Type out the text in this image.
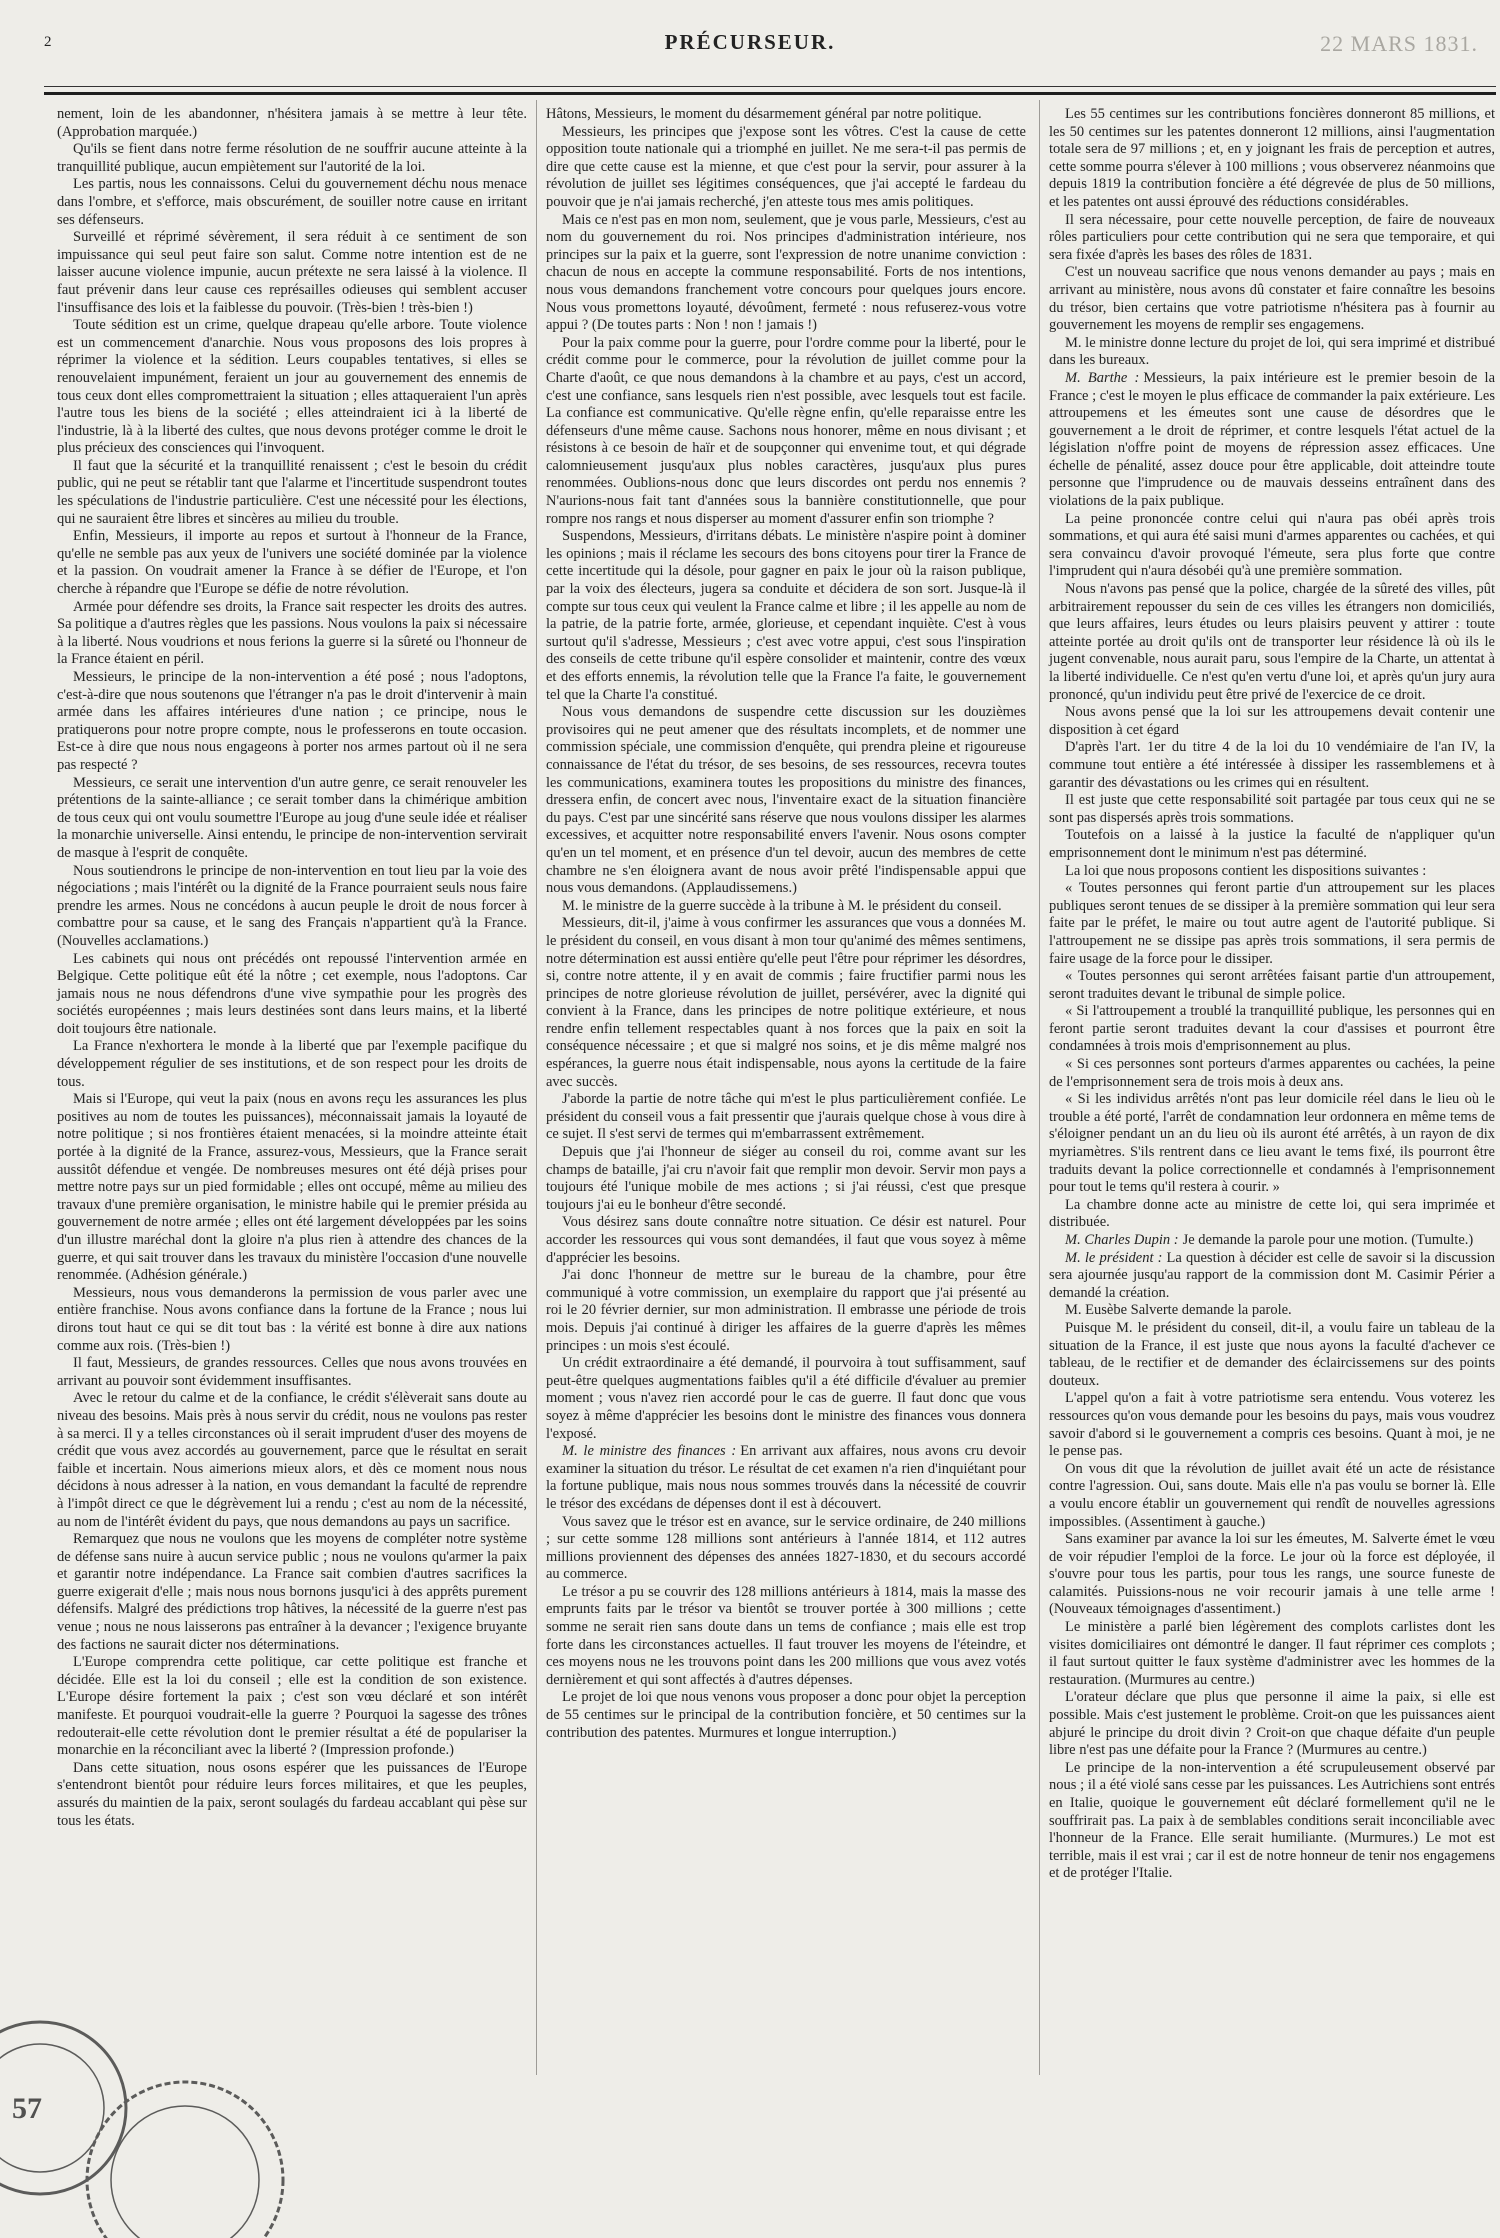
2	PRÉCURSEUR.	22 MARS 1831.

nement, loin de les abandonner, n'hésitera jamais à se mettre à leur tête. (Approbation marquée.)

Qu'ils se fient dans notre ferme résolution de ne souffrir aucune atteinte à la tranquillité publique, aucun empiètement sur l'autorité de la loi.

Les partis, nous les connaissons. Celui du gouvernement déchu nous menace dans l'ombre, et s'efforce, mais obscurément, de souiller notre cause en irritant ses défenseurs.

Surveillé et réprimé sévèrement, il sera réduit à ce sentiment de son impuissance qui seul peut faire son salut. Comme notre intention est de ne laisser aucune violence impunie, aucun prétexte ne sera laissé à la violence. Il faut prévenir dans leur cause ces représailles odieuses qui semblent accuser l'insuffisance des lois et la faiblesse du pouvoir. (Très-bien ! très-bien !)

Toute sédition est un crime, quelque drapeau qu'elle arbore. Toute violence est un commencement d'anarchie. Nous vous proposons des lois propres à réprimer la violence et la sédition. Leurs coupables tentatives, si elles se renouvelaient impunément, feraient un jour au gouvernement des ennemis de tous ceux dont elles compromettraient la situation ; elles attaqueraient l'un après l'autre tous les biens de la société ; elles atteindraient ici à la liberté de l'industrie, là à la liberté des cultes, que nous devons protéger comme le droit le plus précieux des consciences qui l'invoquent.

Il faut que la sécurité et la tranquillité renaissent ; c'est le besoin du crédit public, qui ne peut se rétablir tant que l'alarme et l'incertitude suspendront toutes les spéculations de l'industrie particulière. C'est une nécessité pour les élections, qui ne sauraient être libres et sincères au milieu du trouble.

Enfin, Messieurs, il importe au repos et surtout à l'honneur de la France, qu'elle ne semble pas aux yeux de l'univers une société dominée par la violence et la passion. On voudrait amener la France à se défier de l'Europe, et l'on cherche à répandre que l'Europe se défie de notre révolution.

Armée pour défendre ses droits, la France sait respecter les droits des autres. Sa politique a d'autres règles que les passions. Nous voulons la paix si nécessaire à la liberté. Nous voudrions et nous ferions la guerre si la sûreté ou l'honneur de la France étaient en péril.

Messieurs, le principe de la non-intervention a été posé ; nous l'adoptons, c'est-à-dire que nous soutenons que l'étranger n'a pas le droit d'intervenir à main armée dans les affaires intérieures d'une nation ; ce principe, nous le pratiquerons pour notre propre compte, nous le professerons en toute occasion. Est-ce à dire que nous nous engageons à porter nos armes partout où il ne sera pas respecté ?

Messieurs, ce serait une intervention d'un autre genre, ce serait renouveler les prétentions de la sainte-alliance ; ce serait tomber dans la chimérique ambition de tous ceux qui ont voulu soumettre l'Europe au joug d'une seule idée et réaliser la monarchie universelle. Ainsi entendu, le principe de non-intervention servirait de masque à l'esprit de conquête.

Nous soutiendrons le principe de non-intervention en tout lieu par la voie des négociations ; mais l'intérêt ou la dignité de la France pourraient seuls nous faire prendre les armes. Nous ne concédons à aucun peuple le droit de nous forcer à combattre pour sa cause, et le sang des Français n'appartient qu'à la France. (Nouvelles acclamations.)

Les cabinets qui nous ont précédés ont repoussé l'intervention armée en Belgique. Cette politique eût été la nôtre ; cet exemple, nous l'adoptons. Car jamais nous ne nous défendrons d'une vive sympathie pour les progrès des sociétés européennes ; mais leurs destinées sont dans leurs mains, et la liberté doit toujours être nationale.

La France n'exhortera le monde à la liberté que par l'exemple pacifique du développement régulier de ses institutions, et de son respect pour les droits de tous.

Mais si l'Europe, qui veut la paix (nous en avons reçu les assurances les plus positives au nom de toutes les puissances), méconnaissait jamais la loyauté de notre politique ; si nos frontières étaient menacées, si la moindre atteinte était portée à la dignité de la France, assurez-vous, Messieurs, que la France serait aussitôt défendue et vengée. De nombreuses mesures ont été déjà prises pour mettre notre pays sur un pied formidable ; elles ont occupé, même au milieu des travaux d'une première organisation, le ministre habile qui le premier présida au gouvernement de notre armée ; elles ont été largement développées par les soins d'un illustre maréchal dont la gloire n'a plus rien à attendre des chances de la guerre, et qui sait trouver dans les travaux du ministère l'occasion d'une nouvelle renommée. (Adhésion générale.)

Messieurs, nous vous demanderons la permission de vous parler avec une entière franchise. Nous avons confiance dans la fortune de la France ; nous lui dirons tout haut ce qui se dit tout bas : la vérité est bonne à dire aux nations comme aux rois. (Très-bien !)

Il faut, Messieurs, de grandes ressources. Celles que nous avons trouvées en arrivant au pouvoir sont évidemment insuffisantes.

Avec le retour du calme et de la confiance, le crédit s'élèverait sans doute au niveau des besoins. Mais près à nous servir du crédit, nous ne voulons pas rester à sa merci. Il y a telles circonstances où il serait imprudent d'user des moyens de crédit que vous avez accordés au gouvernement, parce que le résultat en serait faible et incertain. Nous aimerions mieux alors, et dès ce moment nous nous décidons à nous adresser à la nation, en vous demandant la faculté de reprendre à l'impôt direct ce que le dégrèvement lui a rendu ; c'est au nom de la nécessité, au nom de l'intérêt évident du pays, que nous demandons au pays un sacrifice.

Remarquez que nous ne voulons que les moyens de compléter notre système de défense sans nuire à aucun service public ; nous ne voulons qu'armer la paix et garantir notre indépendance. La France sait combien d'autres sacrifices la guerre exigerait d'elle ; mais nous nous bornons jusqu'ici à des apprêts purement défensifs. Malgré des prédictions trop hâtives, la nécessité de la guerre n'est pas venue ; nous ne nous laisserons pas entraîner à la devancer ; l'exigence bruyante des factions ne saurait dicter nos déterminations.

L'Europe comprendra cette politique, car cette politique est franche et décidée. Elle est la loi du conseil ; elle est la condition de son existence. L'Europe désire fortement la paix ; c'est son vœu déclaré et son intérêt manifeste. Et pourquoi voudrait-elle la guerre ? Pourquoi la sagesse des trônes redouterait-elle cette révolution dont le premier résultat a été de populariser la monarchie en la réconciliant avec la liberté ? (Impression profonde.)

Dans cette situation, nous osons espérer que les puissances de l'Europe s'entendront bientôt pour réduire leurs forces militaires, et que les peuples, assurés du maintien de la paix, seront soulagés du fardeau accablant qui pèse sur tous les états.

Hâtons, Messieurs, le moment du désarmement général par notre politique.

Messieurs, les principes que j'expose sont les vôtres. C'est la cause de cette opposition toute nationale qui a triomphé en juillet. Ne me sera-t-il pas permis de dire que cette cause est la mienne, et que c'est pour la servir, pour assurer à la révolution de juillet ses légitimes conséquences, que j'ai accepté le fardeau du pouvoir que je n'ai jamais recherché, j'en atteste tous mes amis politiques.

Mais ce n'est pas en mon nom, seulement, que je vous parle, Messieurs, c'est au nom du gouvernement du roi. Nos principes d'administration intérieure, nos principes sur la paix et la guerre, sont l'expression de notre unanime conviction : chacun de nous en accepte la commune responsabilité. Forts de nos intentions, nous vous demandons franchement votre concours pour quelques jours encore. Nous vous promettons loyauté, dévoûment, fermeté : nous refuserez-vous votre appui ? (De toutes parts : Non ! non ! jamais !)

Pour la paix comme pour la guerre, pour l'ordre comme pour la liberté, pour le crédit comme pour le commerce, pour la révolution de juillet comme pour la Charte d'août, ce que nous demandons à la chambre et au pays, c'est un accord, c'est une confiance, sans lesquels rien n'est possible, avec lesquels tout est facile. La confiance est communicative. Qu'elle règne enfin, qu'elle reparaisse entre les défenseurs d'une même cause. Sachons nous honorer, même en nous divisant ; et résistons à ce besoin de haïr et de soupçonner qui envenime tout, et qui dégrade calomnieusement jusqu'aux plus nobles caractères, jusqu'aux plus pures renommées. Oublions-nous donc que leurs discordes ont perdu nos ennemis ? N'aurions-nous fait tant d'années sous la bannière constitutionnelle, que pour rompre nos rangs et nous disperser au moment d'assurer enfin son triomphe ?

Suspendons, Messieurs, d'irritans débats. Le ministère n'aspire point à dominer les opinions ; mais il réclame les secours des bons citoyens pour tirer la France de cette incertitude qui la désole, pour gagner en paix le jour où la raison publique, par la voix des électeurs, jugera sa conduite et décidera de son sort. Jusque-là il compte sur tous ceux qui veulent la France calme et libre ; il les appelle au nom de la patrie, de la patrie forte, armée, glorieuse, et cependant inquiète. C'est à vous surtout qu'il s'adresse, Messieurs ; c'est avec votre appui, c'est sous l'inspiration des conseils de cette tribune qu'il espère consolider et maintenir, contre des vœux et des efforts ennemis, la révolution telle que la France l'a faite, le gouvernement tel que la Charte l'a constitué.

Nous vous demandons de suspendre cette discussion sur les douzièmes provisoires qui ne peut amener que des résultats incomplets, et de nommer une commission spéciale, une commission d'enquête, qui prendra pleine et rigoureuse connaissance de l'état du trésor, de ses besoins, de ses ressources, recevra toutes les communications, examinera toutes les propositions du ministre des finances, dressera enfin, de concert avec nous, l'inventaire exact de la situation financière du pays. C'est par une sincérité sans réserve que nous voulons dissiper les alarmes excessives, et acquitter notre responsabilité envers l'avenir. Nous osons compter qu'en un tel moment, et en présence d'un tel devoir, aucun des membres de cette chambre ne s'en éloignera avant de nous avoir prêté l'indispensable appui que nous vous demandons. (Applaudissemens.)

M. le ministre de la guerre succède à la tribune à M. le président du conseil.

Messieurs, dit-il, j'aime à vous confirmer les assurances que vous a données M. le président du conseil, en vous disant à mon tour qu'animé des mêmes sentimens, notre détermination est aussi entière qu'elle peut l'être pour réprimer les désordres, si, contre notre attente, il y en avait de commis ; faire fructifier parmi nous les principes de notre glorieuse révolution de juillet, persévérer, avec la dignité qui convient à la France, dans les principes de notre politique extérieure, et nous rendre enfin tellement respectables quant à nos forces que la paix en soit la conséquence nécessaire ; et que si malgré nos soins, et je dis même malgré nos espérances, la guerre nous était indispensable, nous ayons la certitude de la faire avec succès.

J'aborde la partie de notre tâche qui m'est le plus particulièrement confiée. Le président du conseil vous a fait pressentir que j'aurais quelque chose à vous dire à ce sujet. Il s'est servi de termes qui m'embarrassent extrêmement.

Depuis que j'ai l'honneur de siéger au conseil du roi, comme avant sur les champs de bataille, j'ai cru n'avoir fait que remplir mon devoir. Servir mon pays a toujours été l'unique mobile de mes actions ; si j'ai réussi, c'est que presque toujours j'ai eu le bonheur d'être secondé.

Vous désirez sans doute connaître notre situation. Ce désir est naturel. Pour accorder les ressources qui vous sont demandées, il faut que vous soyez à même d'apprécier les besoins.

J'ai donc l'honneur de mettre sur le bureau de la chambre, pour être communiqué à votre commission, un exemplaire du rapport que j'ai présenté au roi le 20 février dernier, sur mon administration. Il embrasse une période de trois mois. Depuis j'ai continué à diriger les affaires de la guerre d'après les mêmes principes : un mois s'est écoulé.

Un crédit extraordinaire a été demandé, il pourvoira à tout suffisamment, sauf peut-être quelques augmentations faibles qu'il a été difficile d'évaluer au premier moment ; vous n'avez rien accordé pour le cas de guerre. Il faut donc que vous soyez à même d'apprécier les besoins dont le ministre des finances vous donnera l'exposé.

M. le ministre des finances : En arrivant aux affaires, nous avons cru devoir examiner la situation du trésor. Le résultat de cet examen n'a rien d'inquiétant pour la fortune publique, mais nous nous sommes trouvés dans la nécessité de couvrir le trésor des excédans de dépenses dont il est à découvert.

Vous savez que le trésor est en avance, sur le service ordinaire, de 240 millions ; sur cette somme 128 millions sont antérieurs à l'année 1814, et 112 autres millions proviennent des dépenses des années 1827-1830, et du secours accordé au commerce.

Le trésor a pu se couvrir des 128 millions antérieurs à 1814, mais la masse des emprunts faits par le trésor va bientôt se trouver portée à 300 millions ; cette somme ne serait rien sans doute dans un tems de confiance ; mais elle est trop forte dans les circonstances actuelles. Il faut trouver les moyens de l'éteindre, et ces moyens nous ne les trouvons point dans les 200 millions que vous avez votés dernièrement et qui sont affectés à d'autres dépenses.

Le projet de loi que nous venons vous proposer a donc pour objet la perception de 55 centimes sur le principal de la contribution foncière, et 50 centimes sur la contribution des patentes. Murmures et longue interruption.)

Les 55 centimes sur les contributions foncières donneront 85 millions, et les 50 centimes sur les patentes donneront 12 millions, ainsi l'augmentation totale sera de 97 millions ; et, en y joignant les frais de perception et autres, cette somme pourra s'élever à 100 millions ; vous observerez néanmoins que depuis 1819 la contribution foncière a été dégrevée de plus de 50 millions, et les patentes ont aussi éprouvé des réductions considérables.

Il sera nécessaire, pour cette nouvelle perception, de faire de nouveaux rôles particuliers pour cette contribution qui ne sera que temporaire, et qui sera fixée d'après les bases des rôles de 1831.

C'est un nouveau sacrifice que nous venons demander au pays ; mais en arrivant au ministère, nous avons dû constater et faire connaître les besoins du trésor, bien certains que votre patriotisme n'hésitera pas à fournir au gouvernement les moyens de remplir ses engagemens.

M. le ministre donne lecture du projet de loi, qui sera imprimé et distribué dans les bureaux.

M. Barthe : Messieurs, la paix intérieure est le premier besoin de la France ; c'est le moyen le plus efficace de commander la paix extérieure. Les attroupemens et les émeutes sont une cause de désordres que le gouvernement a le droit de réprimer, et contre lesquels l'état actuel de la législation n'offre point de moyens de répression assez efficaces. Une échelle de pénalité, assez douce pour être applicable, doit atteindre toute personne que l'imprudence ou de mauvais desseins entraînent dans des violations de la paix publique.

La peine prononcée contre celui qui n'aura pas obéi après trois sommations, et qui aura été saisi muni d'armes apparentes ou cachées, et qui sera convaincu d'avoir provoqué l'émeute, sera plus forte que contre l'imprudent qui n'aura désobéi qu'à une première sommation.

Nous n'avons pas pensé que la police, chargée de la sûreté des villes, pût arbitrairement repousser du sein de ces villes les étrangers non domiciliés, que leurs affaires, leurs études ou leurs plaisirs peuvent y attirer : toute atteinte portée au droit qu'ils ont de transporter leur résidence là où ils le jugent convenable, nous aurait paru, sous l'empire de la Charte, un attentat à la liberté individuelle. Ce n'est qu'en vertu d'une loi, et après qu'un jury aura prononcé, qu'un individu peut être privé de l'exercice de ce droit.

Nous avons pensé que la loi sur les attroupemens devait contenir une disposition à cet égard

D'après l'art. 1er du titre 4 de la loi du 10 vendémiaire de l'an IV, la commune tout entière a été intéressée à dissiper les rassemblemens et à garantir des dévastations ou les crimes qui en résultent.

Il est juste que cette responsabilité soit partagée par tous ceux qui ne se sont pas dispersés après trois sommations.

Toutefois on a laissé à la justice la faculté de n'appliquer qu'un emprisonnement dont le minimum n'est pas déterminé.

La loi que nous proposons contient les dispositions suivantes :

« Toutes personnes qui feront partie d'un attroupement sur les places publiques seront tenues de se dissiper à la première sommation qui leur sera faite par le préfet, le maire ou tout autre agent de l'autorité publique. Si l'attroupement ne se dissipe pas après trois sommations, il sera permis de faire usage de la force pour le dissiper.

« Toutes personnes qui seront arrêtées faisant partie d'un attroupement, seront traduites devant le tribunal de simple police.

« Si l'attroupement a troublé la tranquillité publique, les personnes qui en feront partie seront traduites devant la cour d'assises et pourront être condamnées à trois mois d'emprisonnement au plus.

« Si ces personnes sont porteurs d'armes apparentes ou cachées, la peine de l'emprisonnement sera de trois mois à deux ans.

« Si les individus arrêtés n'ont pas leur domicile réel dans le lieu où le trouble a été porté, l'arrêt de condamnation leur ordonnera en même tems de s'éloigner pendant un an du lieu où ils auront été arrêtés, à un rayon de dix myriamètres. S'ils rentrent dans ce lieu avant le tems fixé, ils pourront être traduits devant la police correctionnelle et condamnés à l'emprisonnement pour tout le tems qu'il restera à courir. »

La chambre donne acte au ministre de cette loi, qui sera imprimée et distribuée.

M. Charles Dupin : Je demande la parole pour une motion. (Tumulte.)

M. le président : La question à décider est celle de savoir si la discussion sera ajournée jusqu'au rapport de la commission dont M. Casimir Périer a demandé la création.

M. Eusèbe Salverte demande la parole.

Puisque M. le président du conseil, dit-il, a voulu faire un tableau de la situation de la France, il est juste que nous ayons la faculté d'achever ce tableau, de le rectifier et de demander des éclaircissemens sur des points douteux.

L'appel qu'on a fait à votre patriotisme sera entendu. Vous voterez les ressources qu'on vous demande pour les besoins du pays, mais vous voudrez savoir d'abord si le gouvernement a compris ces besoins. Quant à moi, je ne le pense pas.

On vous dit que la révolution de juillet avait été un acte de résistance contre l'agression. Oui, sans doute. Mais elle n'a pas voulu se borner là. Elle a voulu encore établir un gouvernement qui rendît de nouvelles agressions impossibles. (Assentiment à gauche.)

Sans examiner par avance la loi sur les émeutes, M. Salverte émet le vœu de voir répudier l'emploi de la force. Le jour où la force est déployée, il s'ouvre pour tous les partis, pour tous les rangs, une source funeste de calamités. Puissions-nous ne voir recourir jamais à une telle arme ! (Nouveaux témoignages d'assentiment.)

Le ministère a parlé bien légèrement des complots carlistes dont les visites domiciliaires ont démontré le danger. Il faut réprimer ces complots ; il faut surtout quitter le faux système d'administrer avec les hommes de la restauration. (Murmures au centre.)

L'orateur déclare que plus que personne il aime la paix, si elle est possible. Mais c'est justement le problème. Croit-on que les puissances aient abjuré le principe du droit divin ? Croit-on que chaque défaite d'un peuple libre n'est pas une défaite pour la France ? (Murmures au centre.)

Le principe de la non-intervention a été scrupuleusement observé par nous ; il a été violé sans cesse par les puissances. Les Autrichiens sont entrés en Italie, quoique le gouvernement eût déclaré formellement qu'il ne le souffrirait pas. La paix à de semblables conditions serait inconciliable avec l'honneur de la France. Elle serait humiliante. (Murmures.) Le mot est terrible, mais il est vrai ; car il est de notre honneur de tenir nos engagemens et de protéger l'Italie.

57
